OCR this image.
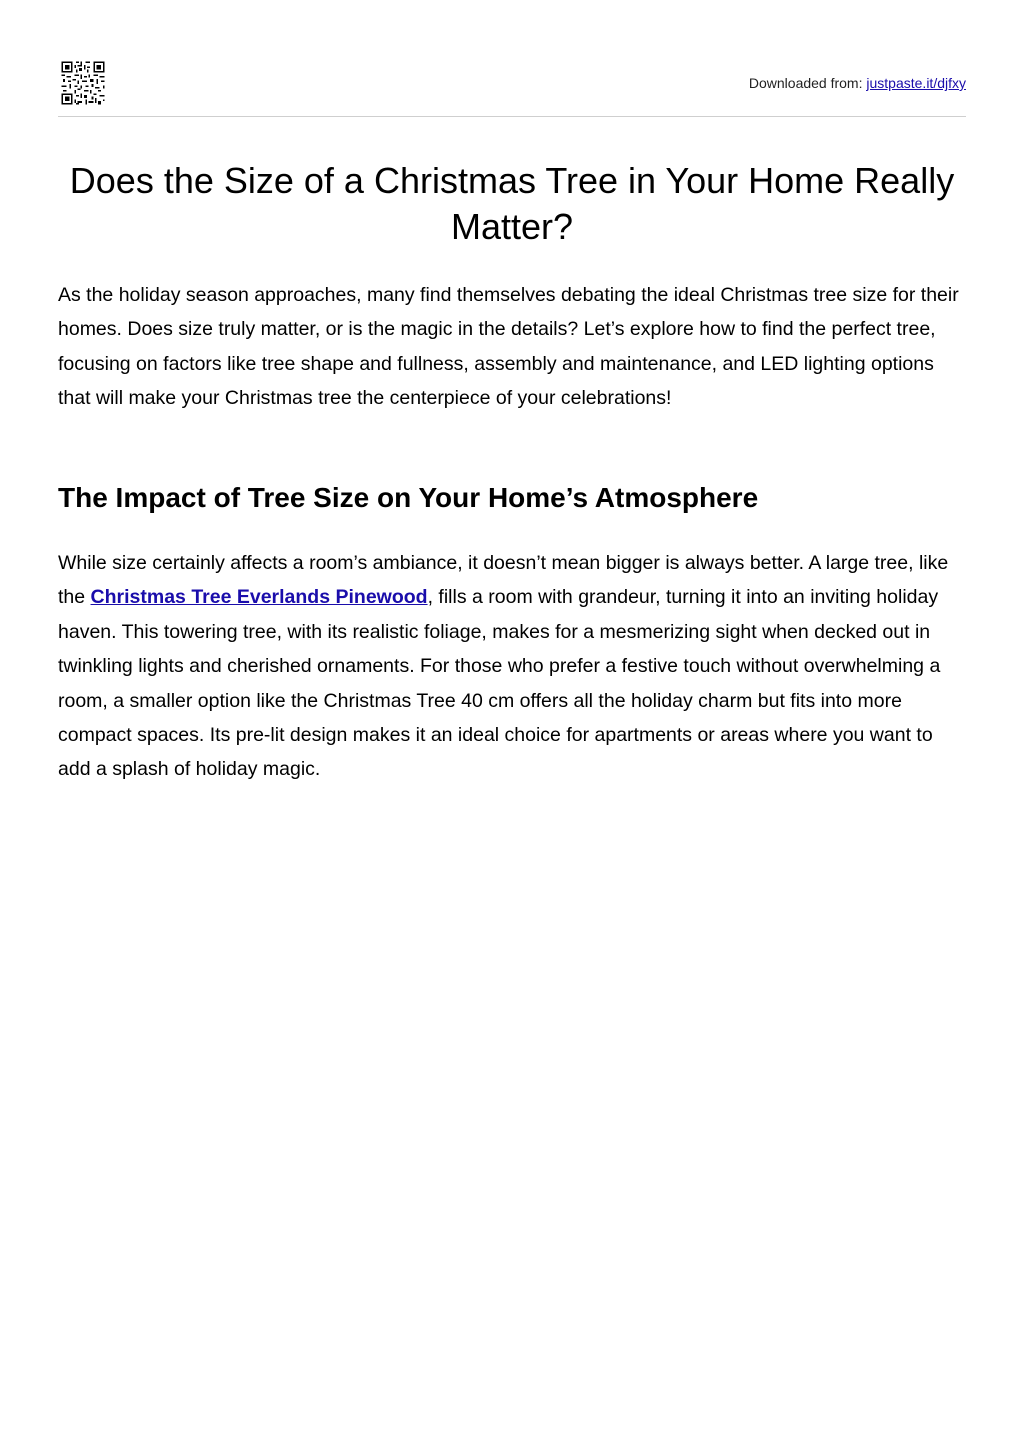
Downloaded from: justpaste.it/djfxy
Does the Size of a Christmas Tree in Your Home Really Matter?

As the holiday season approaches, many find themselves debating the ideal Christmas tree size for their homes. Does size truly matter, or is the magic in the details? Let’s explore how to find the perfect tree, focusing on factors like tree shape and fullness, assembly and maintenance, and LED lighting options that will make your Christmas tree the centerpiece of your celebrations!

The Impact of Tree Size on Your Home’s Atmosphere

While size certainly affects a room’s ambiance, it doesn’t mean bigger is always better. A large tree, like the Christmas Tree Everlands Pinewood, fills a room with grandeur, turning it into an inviting holiday haven. This towering tree, with its realistic foliage, makes for a mesmerizing sight when decked out in twinkling lights and cherished ornaments. For those who prefer a festive touch without overwhelming a room, a smaller option like the Christmas Tree 40 cm offers all the holiday charm but fits into more compact spaces. Its pre-lit design makes it an ideal choice for apartments or areas where you want to add a splash of holiday magic.
